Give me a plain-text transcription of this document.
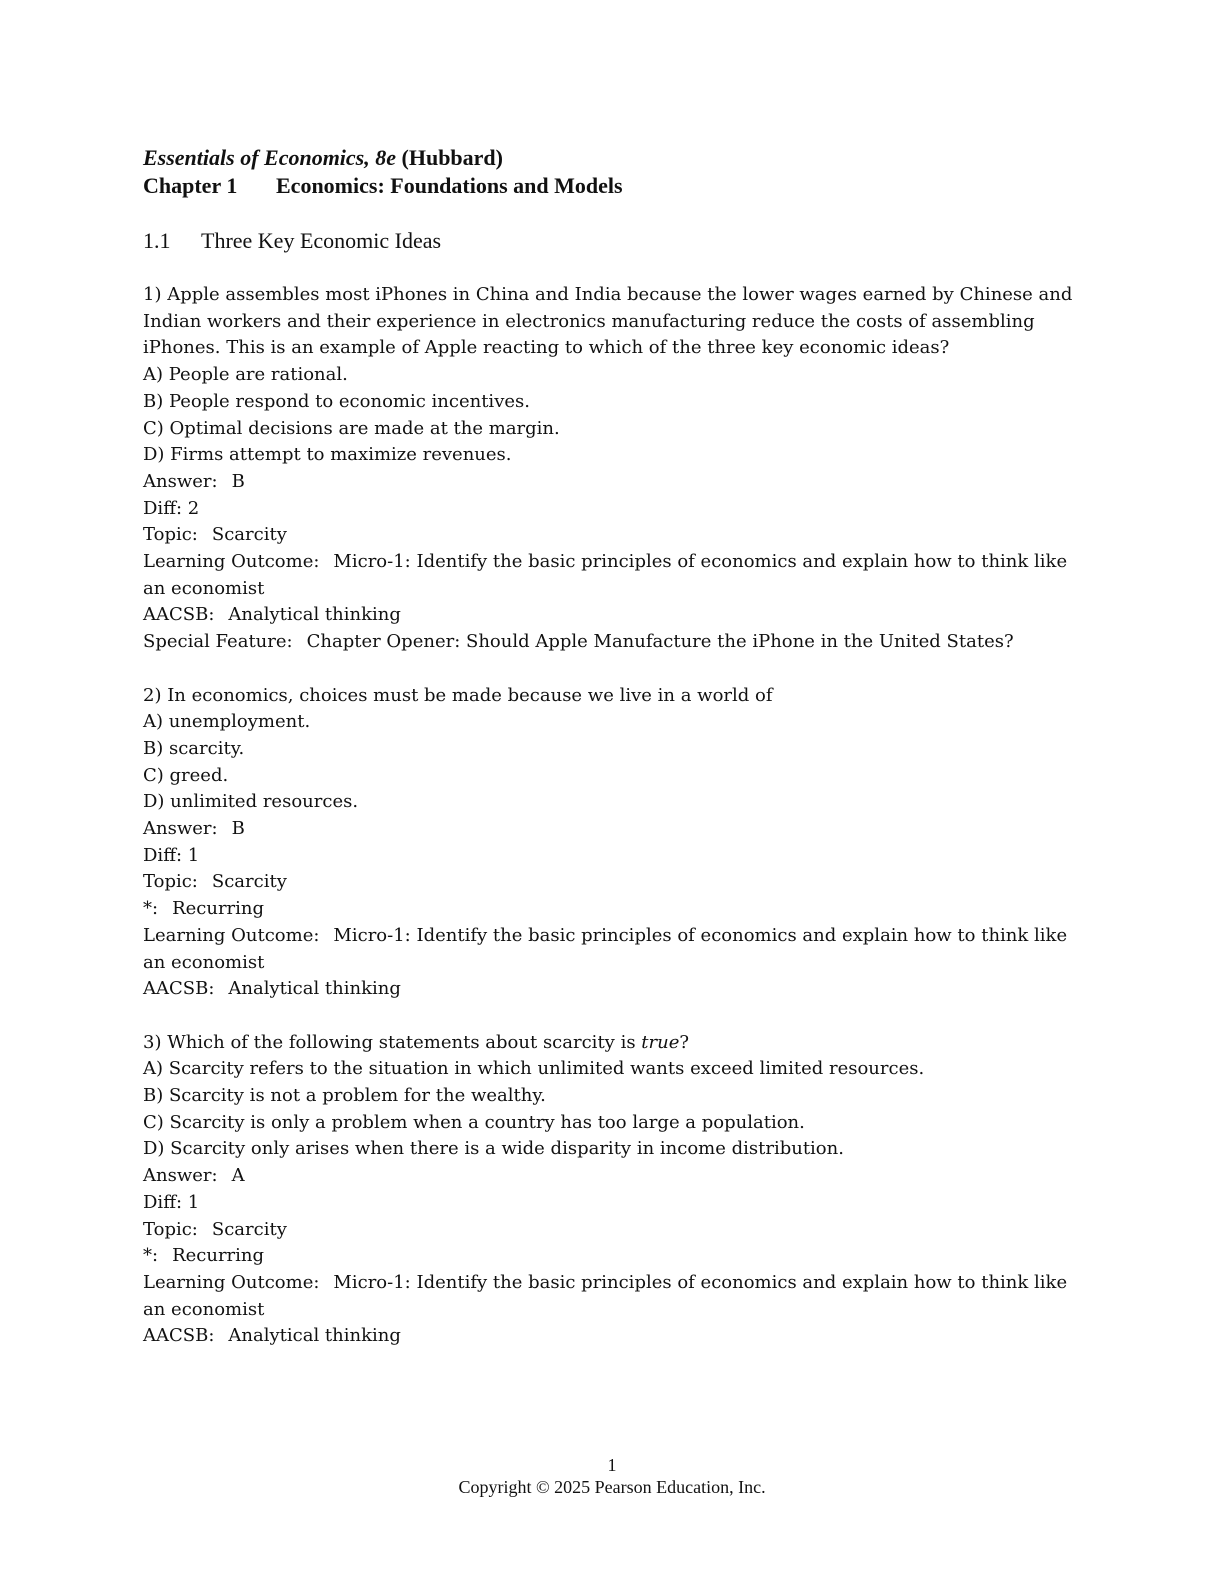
Essentials of Economics, 8e (Hubbard)
Chapter 1 Economics: Foundations and Models
1.1 Three Key Economic Ideas
1) Apple assembles most iPhones in China and India because the lower wages earned by Chinese and Indian workers and their experience in electronics manufacturing reduce the costs of assembling iPhones. This is an example of Apple reacting to which of the three key economic ideas?
A) People are rational.
B) People respond to economic incentives.
C) Optimal decisions are made at the margin.
D) Firms attempt to maximize revenues.
Answer: B
Diff: 2
Topic: Scarcity
Learning Outcome: Micro-1: Identify the basic principles of economics and explain how to think like an economist
AACSB: Analytical thinking
Special Feature: Chapter Opener: Should Apple Manufacture the iPhone in the United States?
2) In economics, choices must be made because we live in a world of
A) unemployment.
B) scarcity.
C) greed.
D) unlimited resources.
Answer: B
Diff: 1
Topic: Scarcity
*: Recurring
Learning Outcome: Micro-1: Identify the basic principles of economics and explain how to think like an economist
AACSB: Analytical thinking
3) Which of the following statements about scarcity is true?
A) Scarcity refers to the situation in which unlimited wants exceed limited resources.
B) Scarcity is not a problem for the wealthy.
C) Scarcity is only a problem when a country has too large a population.
D) Scarcity only arises when there is a wide disparity in income distribution.
Answer: A
Diff: 1
Topic: Scarcity
*: Recurring
Learning Outcome: Micro-1: Identify the basic principles of economics and explain how to think like an economist
AACSB: Analytical thinking
1
Copyright © 2025 Pearson Education, Inc.
